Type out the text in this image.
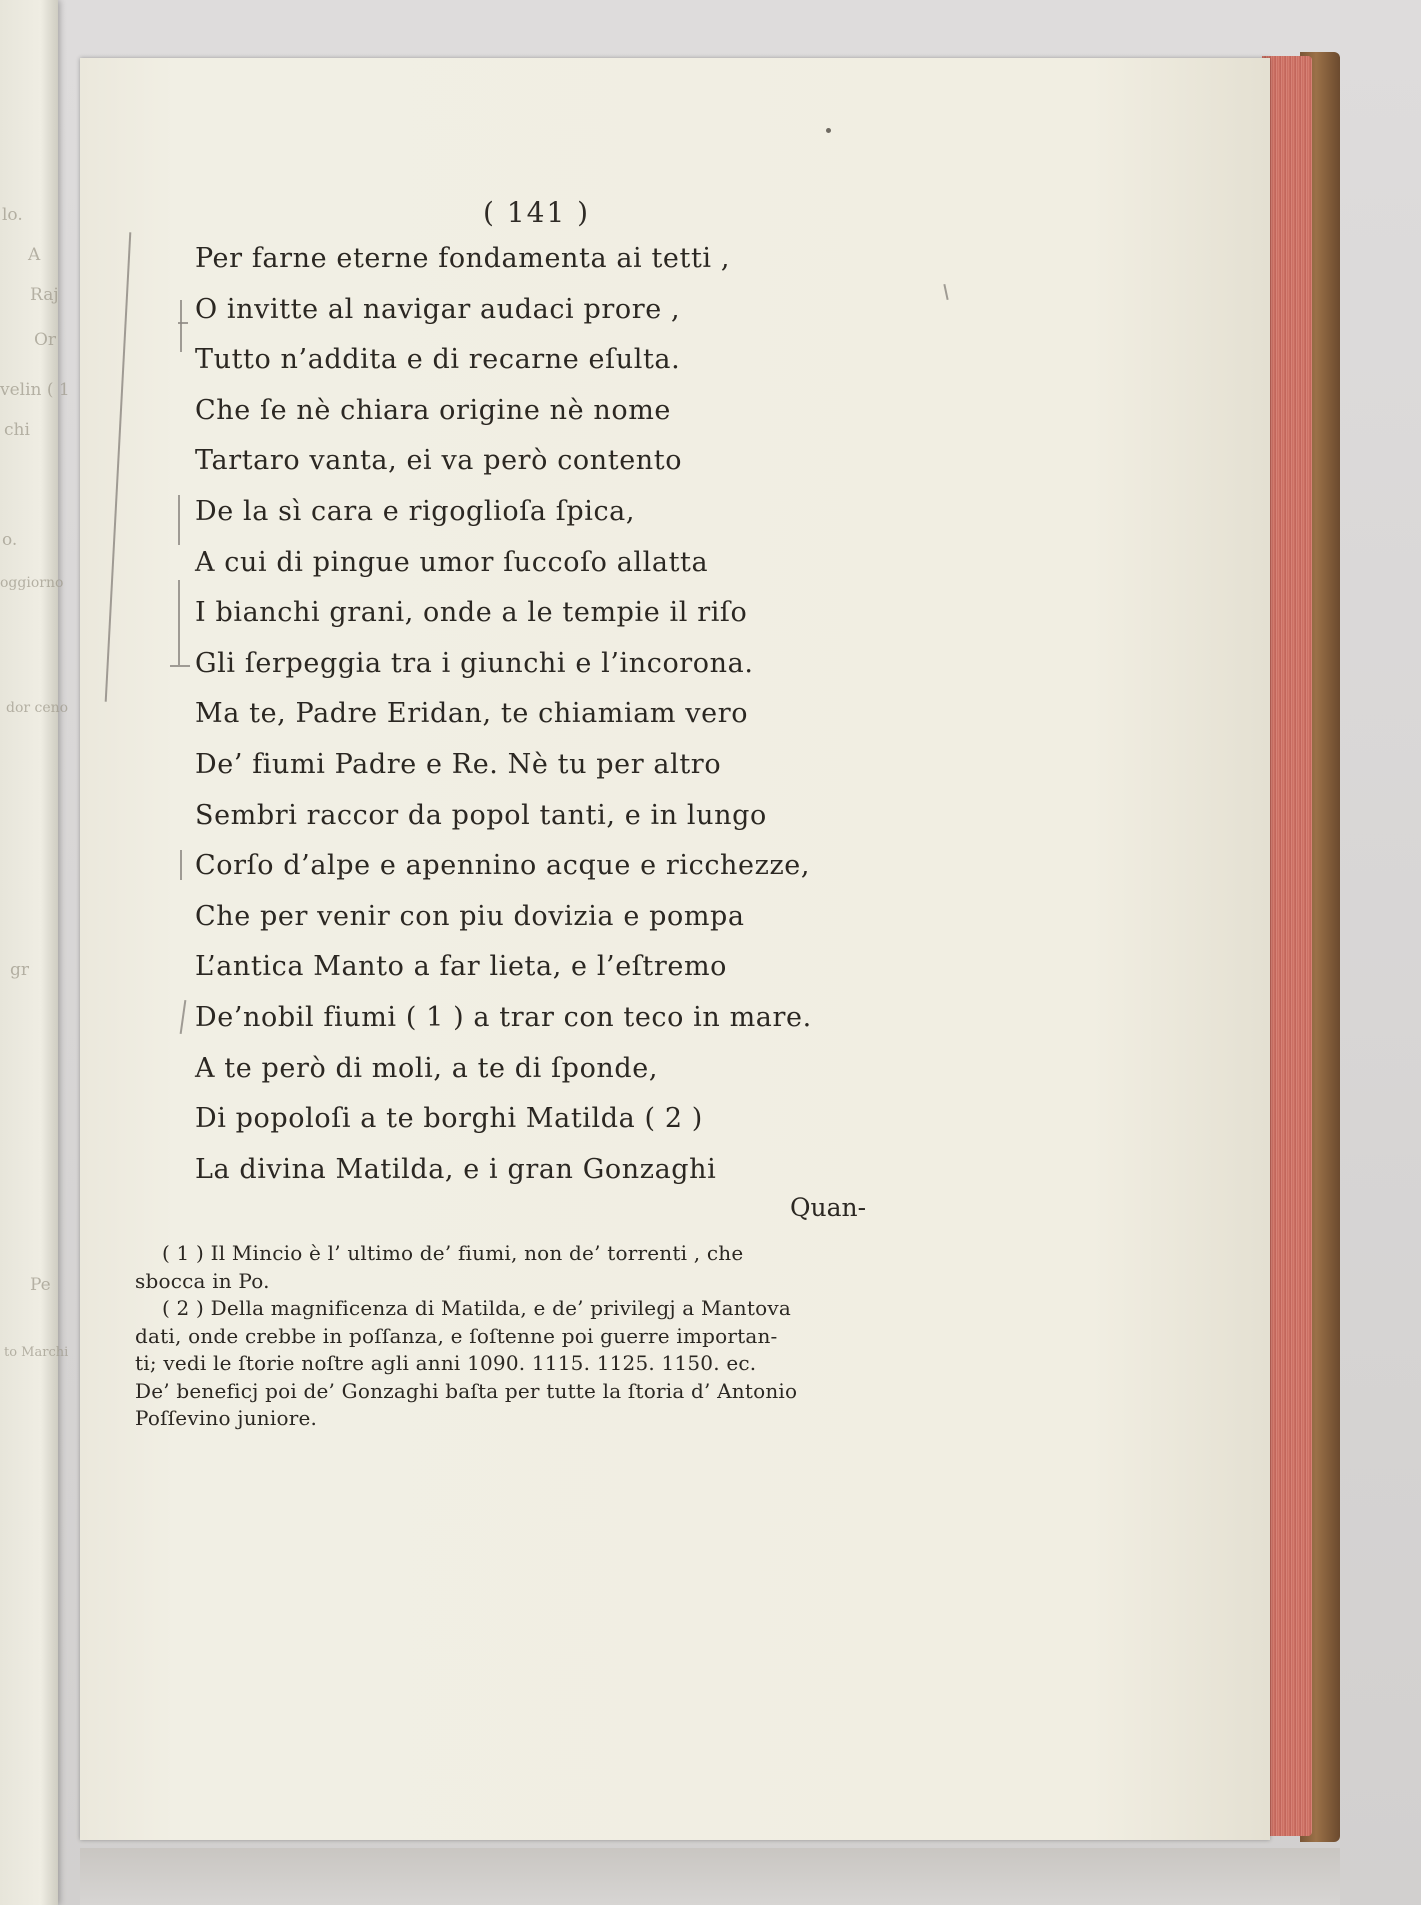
lo.
A
Raj
Or
velin ( 1
chi
o.
oggiorno
dor ceno
gr
Pe
to Marchi
( 141 )
Per farne eterne fondamenta ai tetti ,
O invitte al navigar audaci prore ,
Tutto n’addita e di recarne eſulta.
Che ſe nè chiara origine nè nome
Tartaro vanta, ei va però contento
De la sì cara e rigoglioſa ſpica,
A cui di pingue umor ſuccoſo allatta
I bianchi grani, onde a le tempie il riſo
Gli ſerpeggia tra i giunchi e l’incorona.
Ma te, Padre Eridan, te chiamiam vero
De’ fiumi Padre e Re. Nè tu per altro
Sembri raccor da popol tanti, e in lungo
Corſo d’alpe e apennino acque e ricchezze,
Che per venir con piu dovizia e pompa
L’antica Manto a far lieta, e l’eſtremo
De’nobil fiumi ( 1 ) a trar con teco in mare.
A te però di moli, a te di ſponde,
Di popoloſi a te borghi Matilda ( 2 )
La divina Matilda, e i gran Gonzaghi
Quan-
( 1 ) Il Mincio è l’ ultimo de’ fiumi, non de’ torrenti , che
sbocca in Po.
( 2 ) Della magnificenza di Matilda, e de’ privilegj a Mantova
dati, onde crebbe in poſſanza, e ſoſtenne poi guerre importan-
ti; vedi le ſtorie noſtre agli anni 1090. 1115. 1125. 1150. ec.
De’ beneficj poi de’ Gonzaghi baſta per tutte la ſtoria d’ Antonio
Poſſevino juniore.
